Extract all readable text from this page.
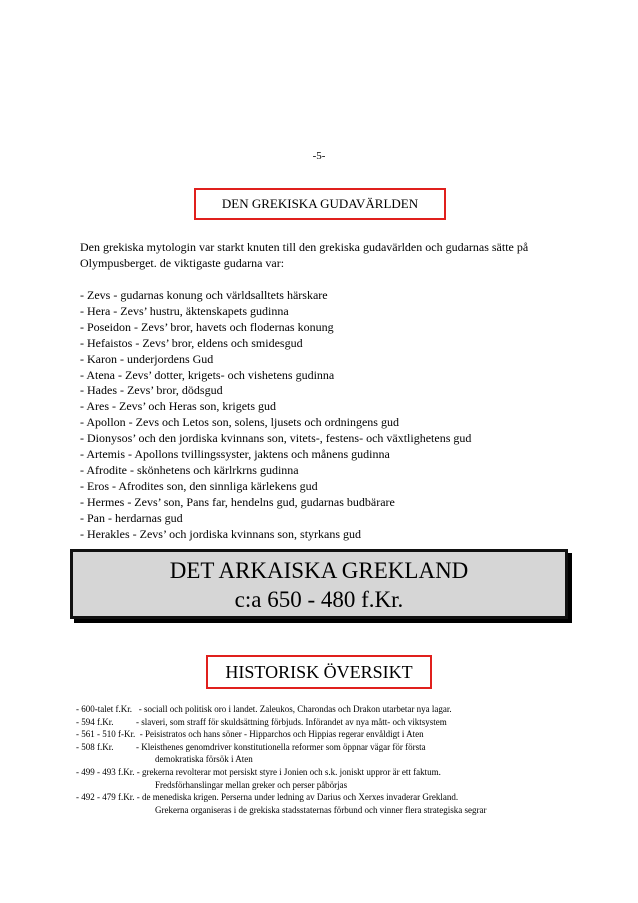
-5-
DEN GREKISKA GUDAVÄRLDEN
Den grekiska mytologin var starkt knuten till den grekiska gudavärlden och gudarnas sätte på Olympusberget. de viktigaste gudarna var:
- Zevs - gudarnas konung och världsalltets härskare
- Hera - Zevs’ hustru, äktenskapets gudinna
- Poseidon - Zevs’ bror, havets och flodernas konung
- Hefaistos - Zevs’ bror, eldens och smidesgud
- Karon - underjordens Gud
- Atena - Zevs’ dotter, krigets- och vishetens gudinna
- Hades - Zevs’ bror, dödsgud
- Ares - Zevs’ och Heras son, krigets gud
- Apollon - Zevs och Letos son, solens, ljusets och ordningens gud
- Dionysos’ och den jordiska kvinnans son, vitets-, festens- och växtlighetens gud
- Artemis - Apollons tvillingssyster, jaktens och månens gudinna
- Afrodite - skönhetens och kärlrkrns gudinna
- Eros - Afrodites son, den sinnliga kärlekens gud
- Hermes - Zevs’ son, Pans far, hendelns gud, gudarnas budbärare
- Pan - herdarnas gud
- Herakles - Zevs’ och jordiska kvinnans son, styrkans gud
DET ARKAISKA GREKLAND
c:a 650 - 480 f.Kr.
HISTORISK ÖVERSIKT
- 600-talet f.Kr.   - sociall och politisk oro i landet. Zaleukos, Charondas och Drakon utarbetar nya lagar.
- 594 f.Kr.          - slaveri, som straff för skuldsättning förbjuds. Införandet av nya mått- och viktsystem
- 561 - 510 f-Kr.  - Peisistratos och hans söner - Hipparchos och Hippias regerar envåldigt i Aten
- 508 f.Kr.          - Kleisthenes genomdriver konstitutionella reformer som öppnar vägar för första
demokratiska försök i Aten
- 499 - 493 f.Kr. - grekerna revolterar mot persiskt styre i Jonien och s.k. joniskt uppror är ett faktum.
Fredsförhanslingar mellan greker och perser påbörjas
- 492 - 479 f.Kr. - de menediska krigen. Perserna under ledning av Darius och Xerxes invaderar Grekland.
Grekerna organiseras i de grekiska stadsstaternas förbund och vinner flera strategiska segrar
